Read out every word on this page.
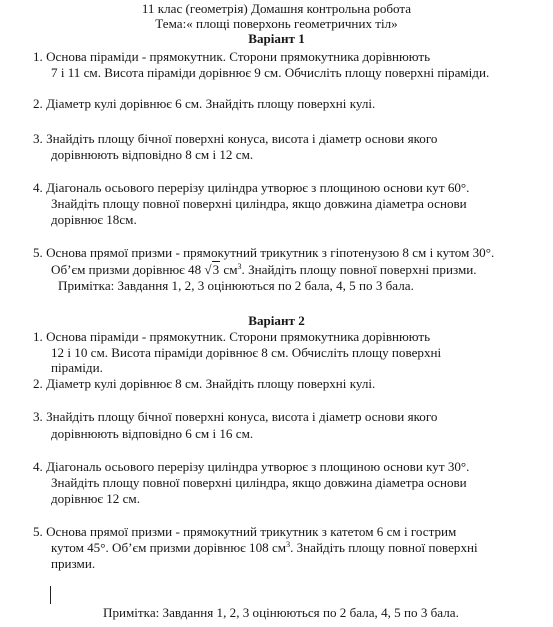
11 клас (геометрія) Домашня контрольна робота
Тема:« площі поверхонь геометричних тіл»
Варіант 1
1. Основа піраміди - прямокутник. Сторони прямокутника дорівнюють
7 і 11 см. Висота піраміди дорівнює 9 см. Обчисліть площу поверхні піраміди.
2. Діаметр кулі дорівнює 6 см. Знайдіть площу поверхні кулі.
3. Знайдіть площу бічної поверхні конуса, висота і діаметр основи якого
дорівнюють відповідно 8 см і 12 см.
4. Діагональ осьового перерізу циліндра утворює з площиною основи кут 60°.
Знайдіть площу повної поверхні циліндра, якщо довжина діаметра основи
дорівнює 18см.
5. Основа прямої призми - прямокутний трикутник з гіпотенузою 8 см і кутом 30°.
Об’єм призми дорівнює 48 √3 $см^3$. Знайдіть площу повної поверхні призми.
Примітка: Завдання 1, 2, 3 оцінюються по 2 бала, 4, 5 по 3 бала.
Варіант 2
1. Основа піраміди - прямокутник. Сторони прямокутника дорівнюють
12 і 10 см. Висота піраміди дорівнює 8 см. Обчисліть площу поверхні
піраміди.
2. Діаметр кулі дорівнює 8 см. Знайдіть площу поверхні кулі.
3. Знайдіть площу бічної поверхні конуса, висота і діаметр основи якого
дорівнюють відповідно 6 см і 16 см.
4. Діагональ осьового перерізу циліндра утворює з площиною основи кут 30°.
Знайдіть площу повної поверхні циліндра, якщо довжина діаметра основи
дорівнює 12 см.
5. Основа прямої призми - прямокутний трикутник з катетом 6 см і гострим
кутом 45°. Об’єм призми дорівнює 108 $см^3$. Знайдіть площу повної поверхні
призми.
Примітка: Завдання 1, 2, 3 оцінюються по 2 бала, 4, 5 по 3 бала.
